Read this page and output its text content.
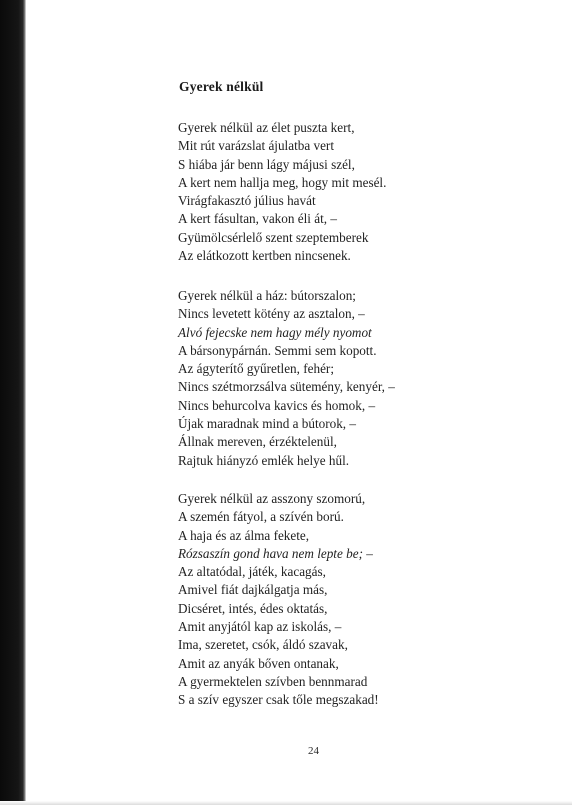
Gyerek nélkül
Gyerek nélkül az élet puszta kert,
Mit rút varázslat ájulatba vert
S hiába jár benn lágy májusi szél,
A kert nem hallja meg, hogy mit mesél.
Virágfakasztó július havát
A kert fásultan, vakon éli át, –
Gyümölcsérlelő szent szeptemberek
Az elátkozott kertben nincsenek.
Gyerek nélkül a ház: bútorszalon;
Nincs levetett kötény az asztalon, –
Alvó fejecske nem hagy mély nyomot
A bársonypárnán. Semmi sem kopott.
Az ágyterítő gyűretlen, fehér;
Nincs szétmorzsálva sütemény, kenyér, –
Nincs behurcolva kavics és homok, –
Újak maradnak mind a bútorok, –
Állnak mereven, érzéktelenül,
Rajtuk hiányzó emlék helye hűl.
Gyerek nélkül az asszony szomorú,
A szemén fátyol, a szívén ború.
A haja és az álma fekete,
Rózsaszín gond hava nem lepte be; –
Az altatódal, játék, kacagás,
Amivel fiát dajkálgatja más,
Dicséret, intés, édes oktatás,
Amit anyjától kap az iskolás, –
Ima, szeretet, csók, áldó szavak,
Amit az anyák bőven ontanak,
A gyermektelen szívben bennmarad
S a szív egyszer csak tőle megszakad!
24
